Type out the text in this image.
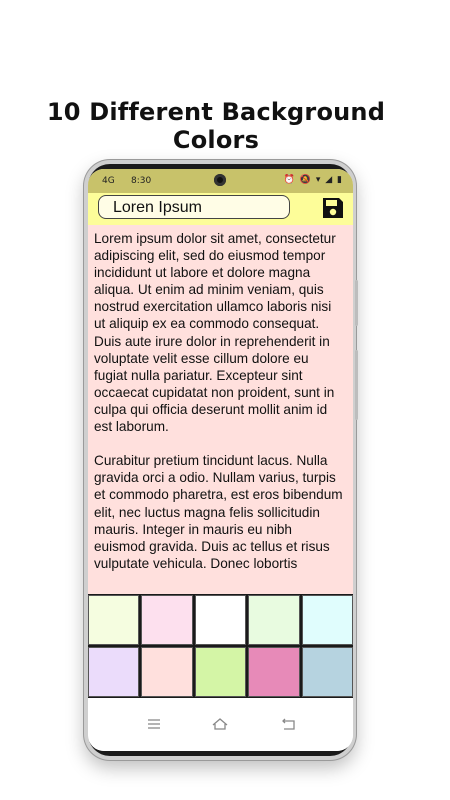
10 Different Background Colors
4G 8:30	⏰ 🔕 ▾ ◢ ▮
Loren Ipsum

Lorem ipsum dolor sit amet, consectetur adipiscing elit, sed do eiusmod tempor incididunt ut labore et dolore magna aliqua. Ut enim ad minim veniam, quis nostrud exercitation ullamco laboris nisi ut aliquip ex ea commodo consequat. Duis aute irure dolor in reprehenderit in voluptate velit esse cillum dolore eu fugiat nulla pariatur. Excepteur sint occaecat cupidatat non proident, sunt in culpa qui officia deserunt mollit anim id est laborum.

Curabitur pretium tincidunt lacus. Nulla gravida orci a odio. Nullam varius, turpis et commodo pharetra, est eros bibendum elit, nec luctus magna felis sollicitudin mauris. Integer in mauris eu nibh euismod gravida. Duis ac tellus et risus vulputate vehicula. Donec lobortis
